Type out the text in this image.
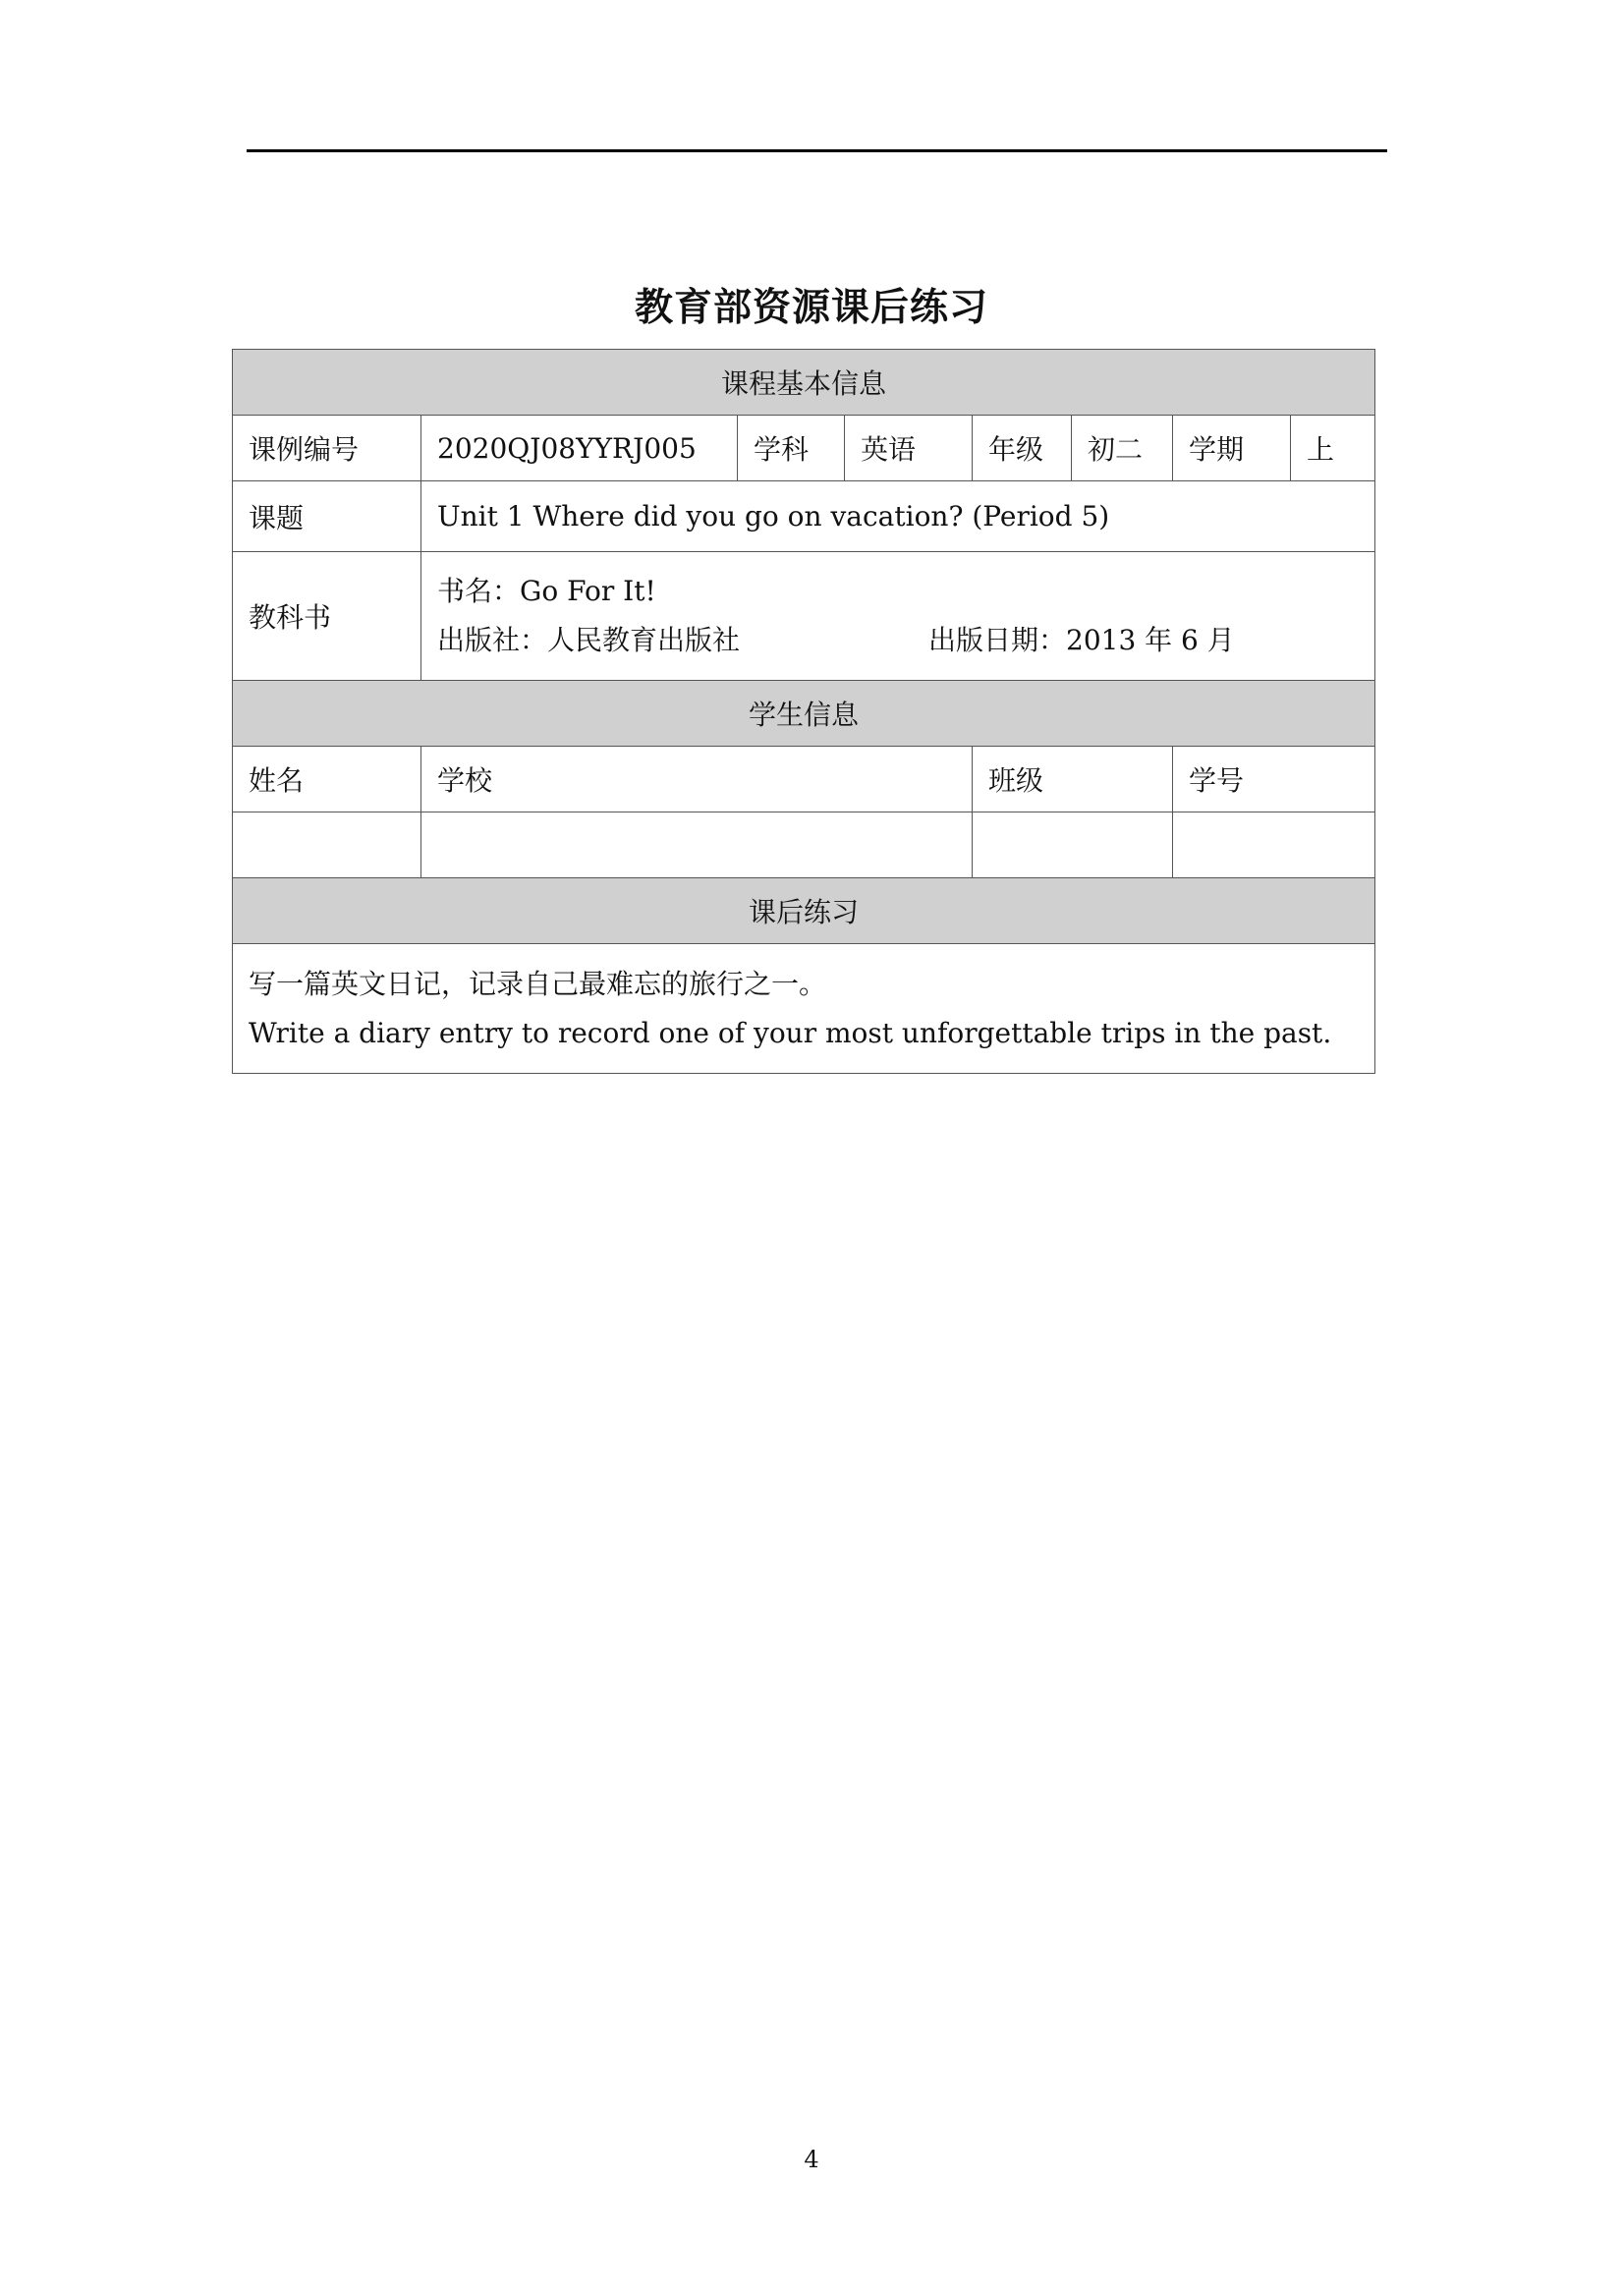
教育部资源课后练习
课程基本信息							
课例编号	2020QJ08YYRJ005	学科	英语	年级	初二	学期	上
课题	Unit 1 Where did you go on vacation? (Period 5)						
教科书	书名：Go For It!
出版社：人民教育出版社 出版日期：2013 年 6 月						

学生信息							
姓名	学校			班级		学号	

课后练习							

写一篇英文日记，记录自己最难忘的旅行之一。
Write a diary entry to record one of your most unforgettable trips in the past.							
4
